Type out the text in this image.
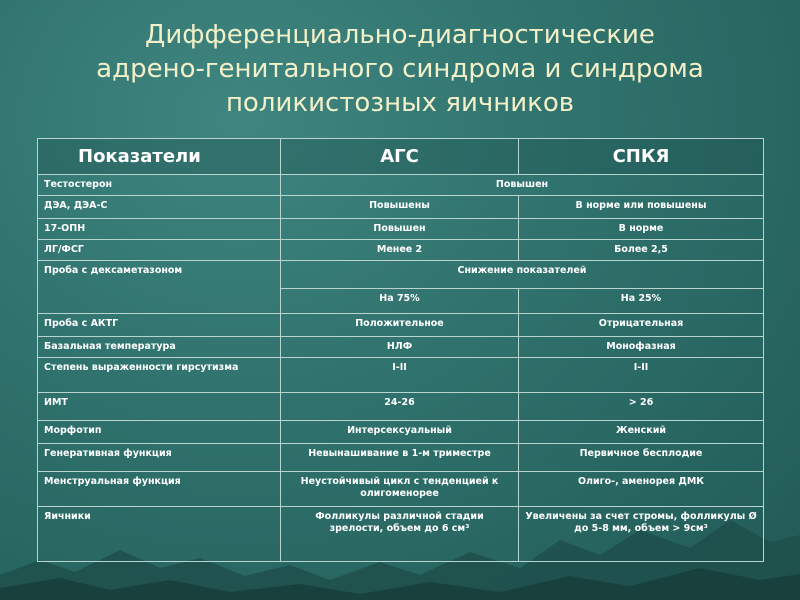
Дифференциально-диагностические
адрено-генитального синдрома и синдрома
поликистозных яичников
Показатели	АГС	СПКЯ
Тестостерон	Повышен	
ДЭА, ДЭА-С	Повышены	В норме или повышены
17-ОПН	Повышен	В норме
ЛГ/ФСГ	Менее 2	Более 2,5
Проба с дексаметазоном	Снижение показателей	
	На 75%	На 25%
Проба с АКТГ	Положительное	Отрицательная
Базальная температура	НЛФ	Монофазная
Степень выраженности гирсутизма	I-II	I-II
ИМТ	24-26	> 26
Морфотип	Интерсексуальный	Женский
Генеративная функция	Невынашивание в 1-м триместре	Первичное бесплодие
Менструальная функция	Неустойчивый цикл с тенденцией к олигоменорее	Олиго-, аменорея ДМК
Яичники	Фолликулы различной стадии зрелости, объем до 6 см³	Увеличены за счет стромы, фолликулы Ø до 5-8 мм, объем > 9см³
